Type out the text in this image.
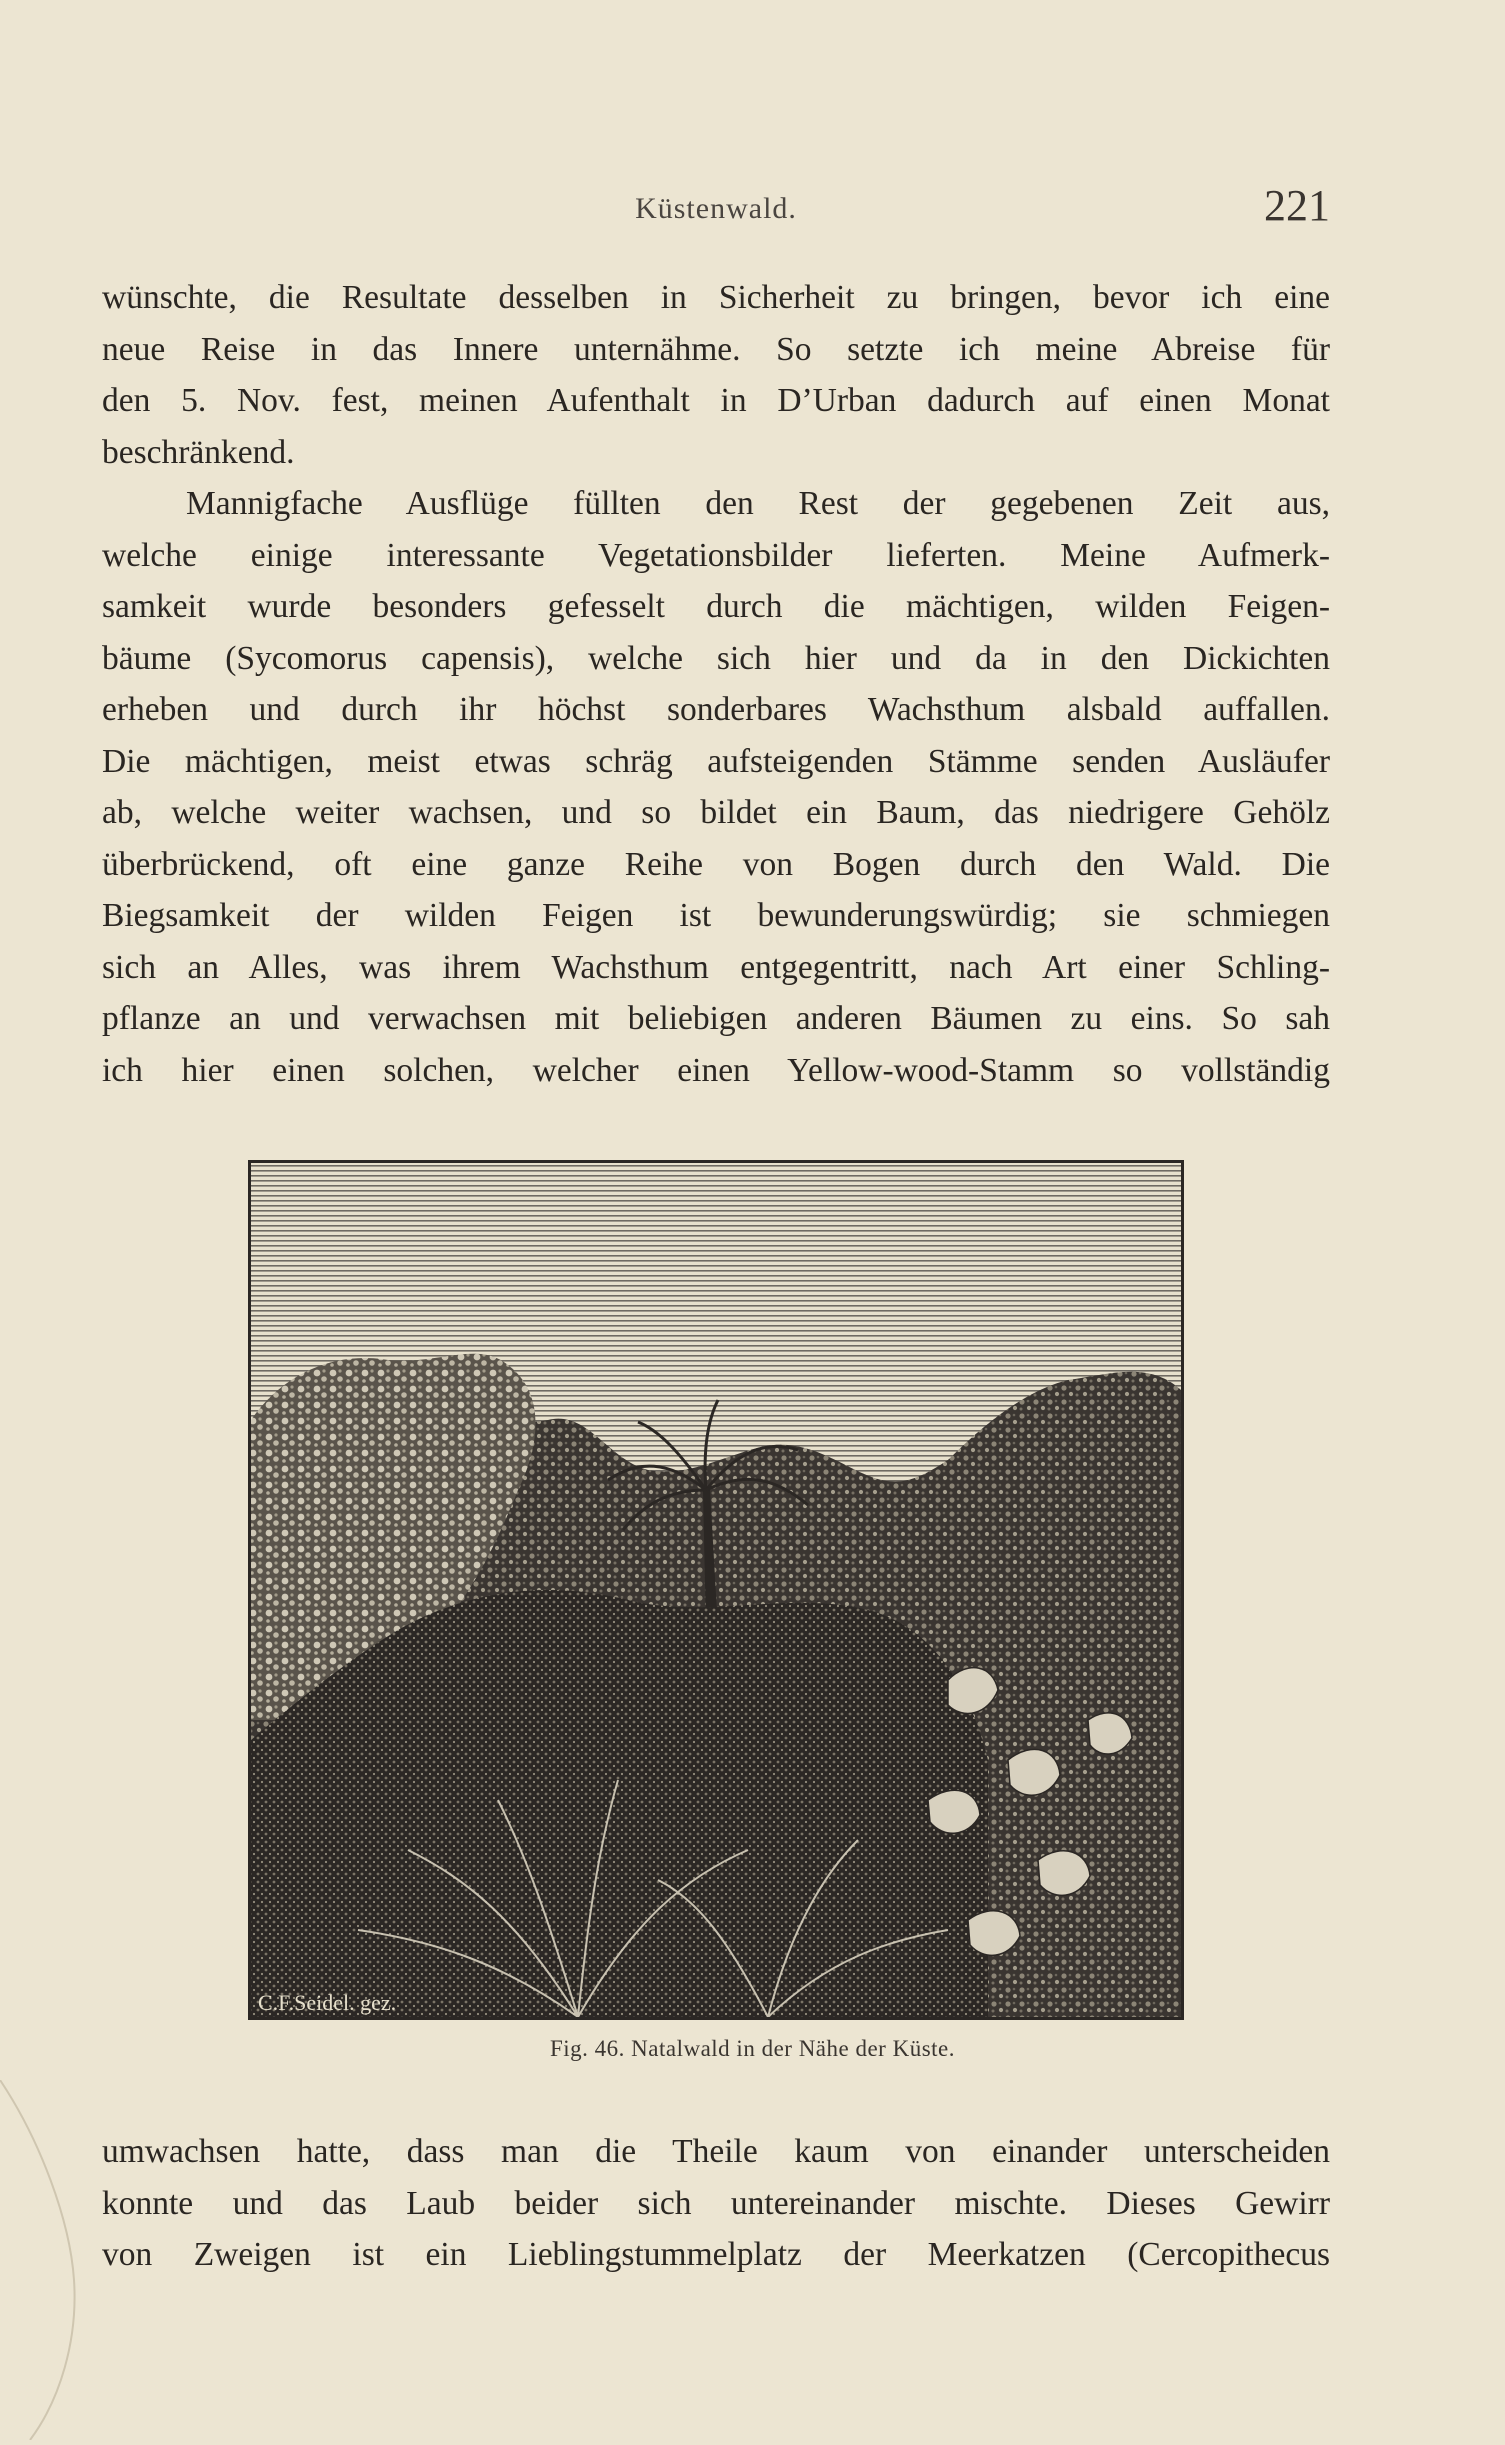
Küstenwald.	221

wünschte, die Resultate desselben in Sicherheit zu bringen, bevor ich eine

neue Reise in das Innere unternähme. So setzte ich meine Abreise für

den 5. Nov. fest, meinen Aufenthalt in D’Urban dadurch auf einen Monat

beschränkend.

Mannigfache Ausflüge füllten den Rest der gegebenen Zeit aus,

welche einige interessante Vegetationsbilder lieferten. Meine Aufmerk-

samkeit wurde besonders gefesselt durch die mächtigen, wilden Feigen-

bäume (Sycomorus capensis), welche sich hier und da in den Dickichten

erheben und durch ihr höchst sonderbares Wachsthum alsbald auffallen.

Die mächtigen, meist etwas schräg aufsteigenden Stämme senden Ausläufer

ab, welche weiter wachsen, und so bildet ein Baum, das niedrigere Gehölz

überbrückend, oft eine ganze Reihe von Bogen durch den Wald. Die

Biegsamkeit der wilden Feigen ist bewunderungswürdig; sie schmiegen

sich an Alles, was ihrem Wachsthum entgegentritt, nach Art einer Schling-

pflanze an und verwachsen mit beliebigen anderen Bäumen zu eins. So sah

ich hier einen solchen, welcher einen Yellow-wood-Stamm so vollständig

C.F.Seidel. gez.
Fig. 46. Natalwald in der Nähe der Küste.

umwachsen hatte, dass man die Theile kaum von einander unterscheiden

konnte und das Laub beider sich untereinander mischte. Dieses Gewirr

von Zweigen ist ein Lieblingstummelplatz der Meerkatzen (Cercopithecus
